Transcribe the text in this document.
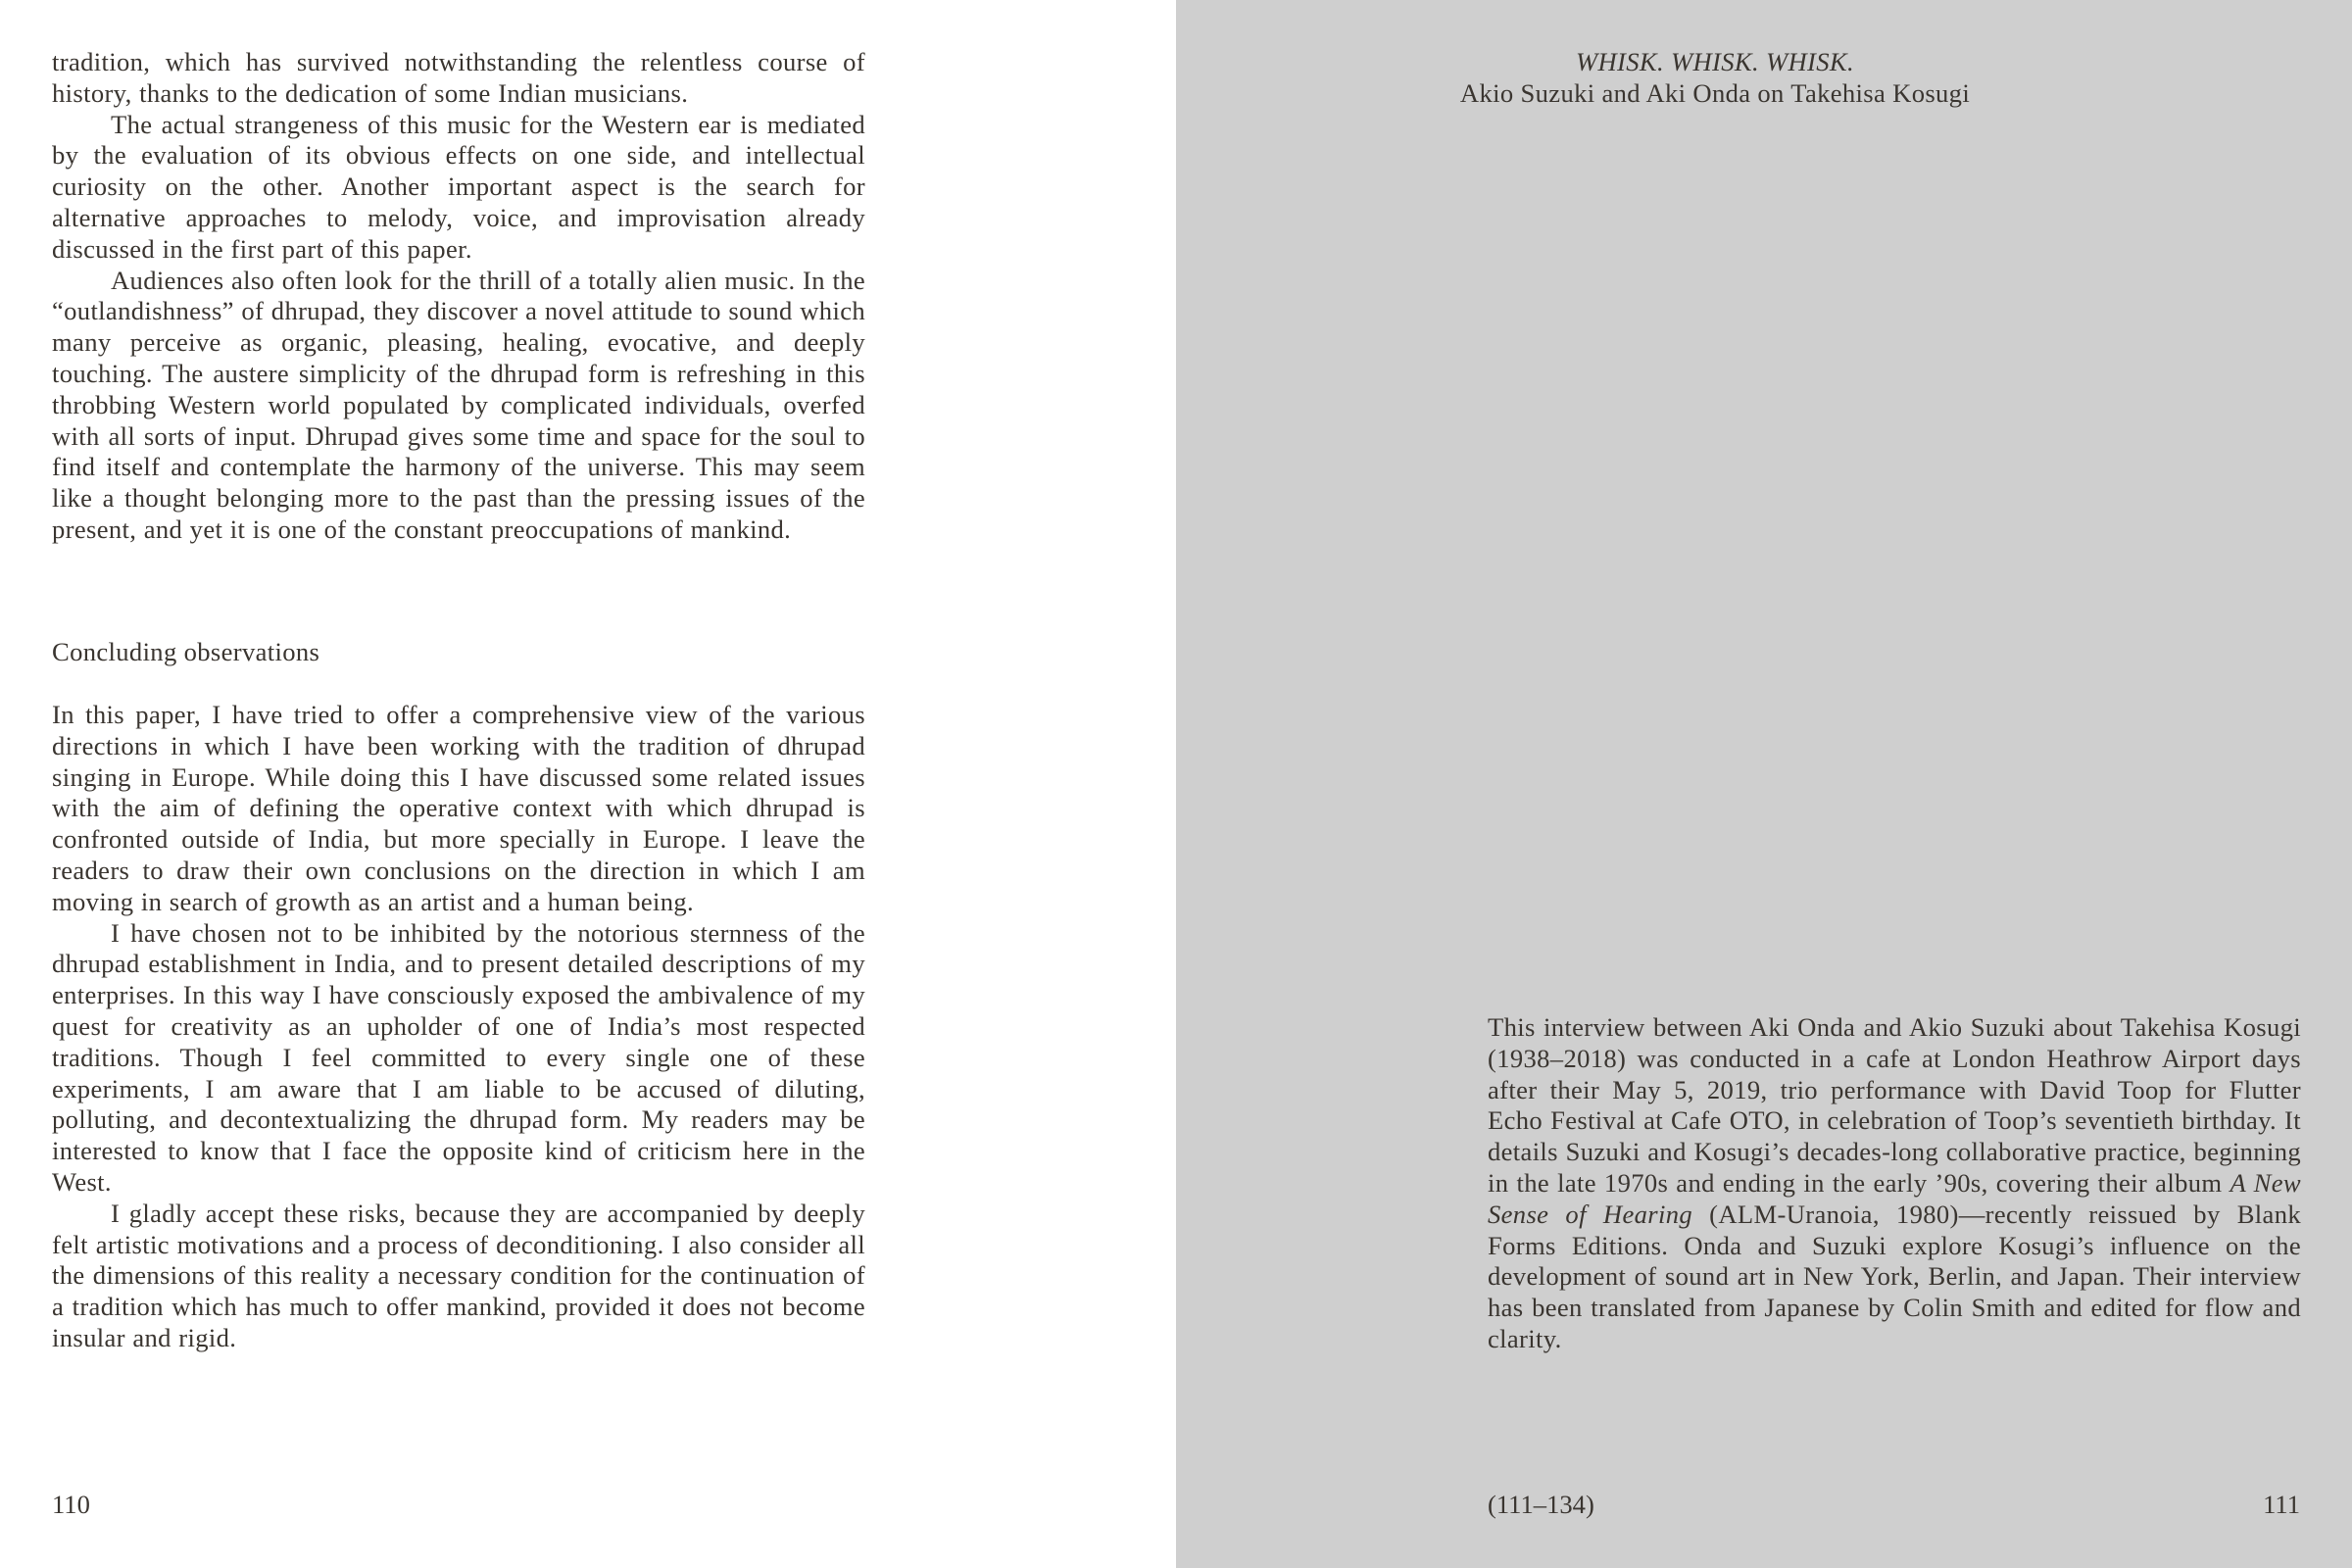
tradition, which has survived notwithstanding the relentless course of history, thanks to the dedication of some Indian musicians.

The actual strangeness of this music for the Western ear is mediated by the evaluation of its obvious effects on one side, and intellectual curiosity on the other. Another important aspect is the search for alternative approaches to melody, voice, and improvisation already discussed in the first part of this paper.

Audiences also often look for the thrill of a totally alien music. In the “outlandishness” of dhrupad, they discover a novel attitude to sound which many perceive as organic, pleasing, healing, evocative, and deeply touching. The austere simplicity of the dhrupad form is refreshing in this throbbing Western world populated by complicated individuals, overfed with all sorts of input. Dhrupad gives some time and space for the soul to find itself and contemplate the harmony of the universe. This may seem like a thought belonging more to the past than the pressing issues of the present, and yet it is one of the constant preoccupations of mankind.

Concluding observations

In this paper, I have tried to offer a comprehensive view of the various directions in which I have been working with the tradition of dhrupad singing in Europe. While doing this I have discussed some related issues with the aim of defining the operative context with which dhrupad is confronted outside of India, but more specially in Europe. I leave the readers to draw their own conclusions on the direction in which I am moving in search of growth as an artist and a human being.

I have chosen not to be inhibited by the notorious sternness of the dhrupad establishment in India, and to present detailed descriptions of my enterprises. In this way I have consciously exposed the ambivalence of my quest for creativity as an upholder of one of India’s most respected traditions. Though I feel committed to every single one of these experiments, I am aware that I am liable to be accused of diluting, polluting, and decontextualizing the dhrupad form. My readers may be interested to know that I face the opposite kind of criticism here in the West.

I gladly accept these risks, because they are accompanied by deeply felt artistic motivations and a process of deconditioning. I also consider all the dimensions of this reality a necessary condition for the continuation of a tradition which has much to offer mankind, provided it does not become insular and rigid.

110
WHISK. WHISK. WHISK.
Akio Suzuki and Aki Onda on Takehisa Kosugi

This interview between Aki Onda and Akio Suzuki about Takehisa Kosugi (1938–2018) was conducted in a cafe at London Heathrow Airport days after their May 5, 2019, trio performance with David Toop for Flutter Echo Festival at Cafe OTO, in celebration of Toop’s seventieth birthday. It details Suzuki and Kosugi’s decades-long collaborative practice, beginning in the late 1970s and ending in the early ’90s, covering their album A New Sense of Hearing (ALM-Uranoia, 1980)—recently reissued by Blank Forms Editions. Onda and Suzuki explore Kosugi’s influence on the development of sound art in New York, Berlin, and Japan. Their interview has been translated from Japanese by Colin Smith and edited for flow and clarity.

(111–134)	111
